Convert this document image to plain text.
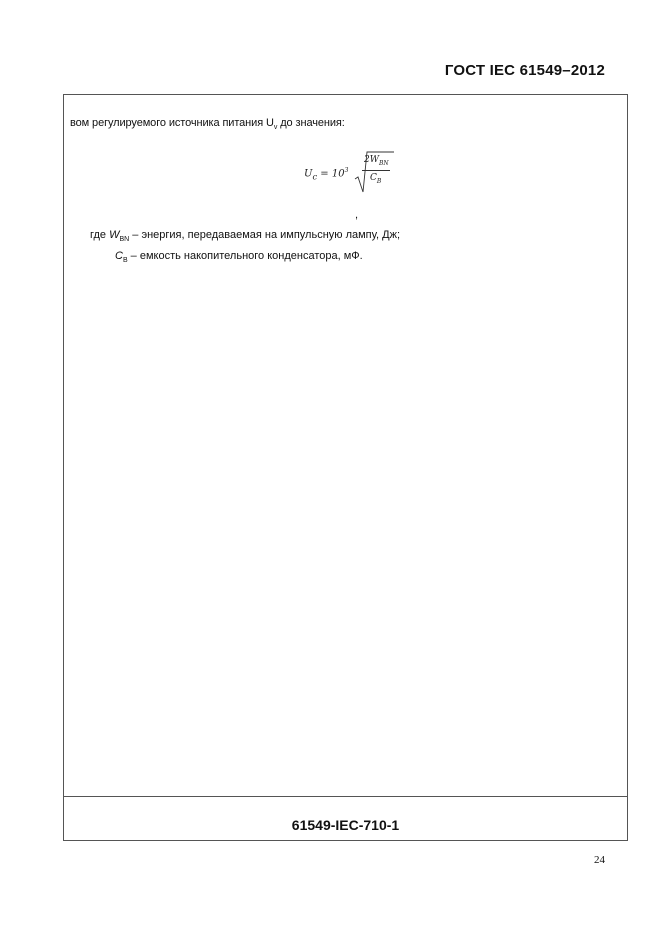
ГОСТ IEC 61549–2012
вом регулируемого источника питания $U_v$ до значения:
$U_c = 10^3$
$2W_{BN}$
$C_B$
,
где $W_{BN}$ – энергия, передаваемая на импульсную лампу, Дж;
$C_B$ – емкость накопительного конденсатора, мФ.
61549-IEC-710-1
24
